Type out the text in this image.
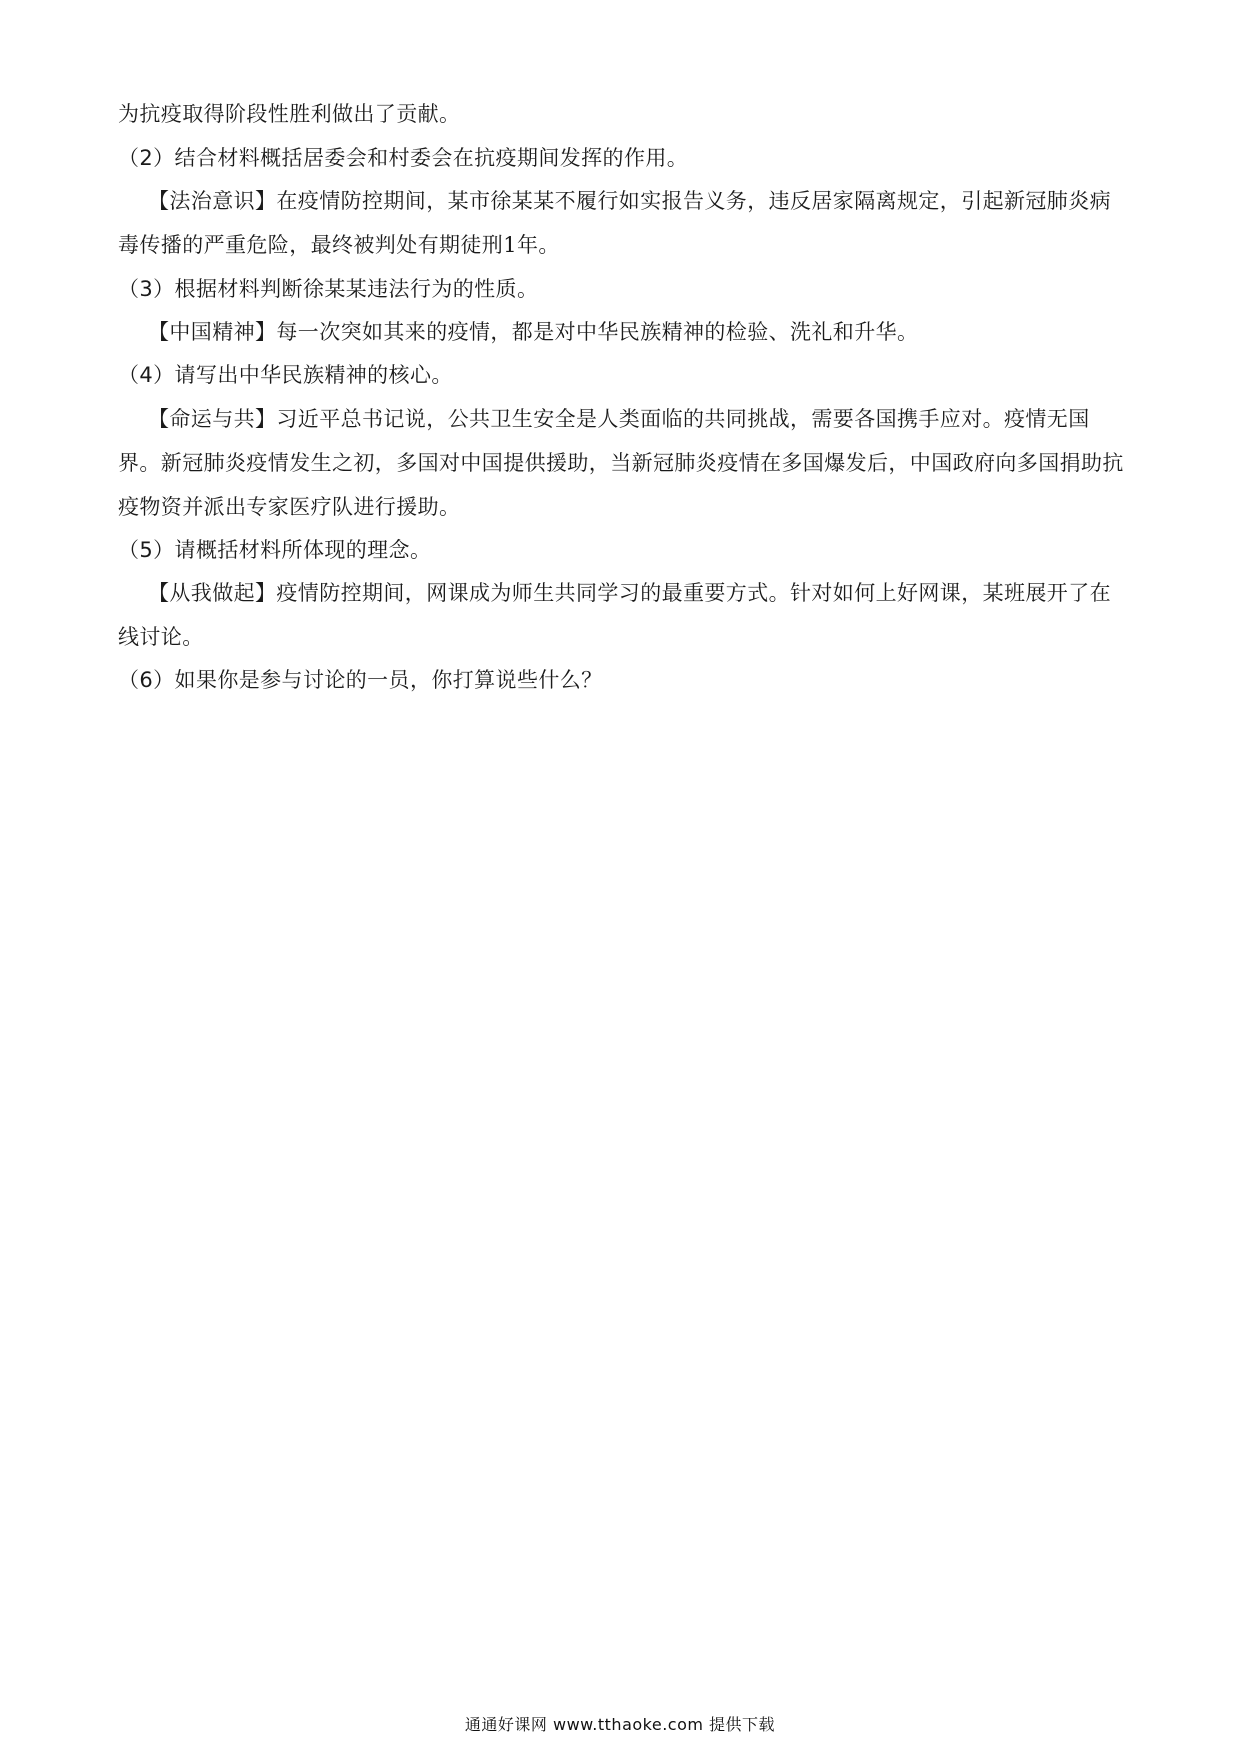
为抗疫取得阶段性胜利做出了贡献。
（2）结合材料概括居委会和村委会在抗疫期间发挥的作用。
【法治意识】在疫情防控期间，某市徐某某不履行如实报告义务，违反居家隔离规定，引起新冠肺炎病毒传播的严重危险，最终被判处有期徒刑1年。
（3）根据材料判断徐某某违法行为的性质。
【中国精神】每一次突如其来的疫情，都是对中华民族精神的检验、洗礼和升华。
（4）请写出中华民族精神的核心。
【命运与共】习近平总书记说，公共卫生安全是人类面临的共同挑战，需要各国携手应对。疫情无国界。新冠肺炎疫情发生之初，多国对中国提供援助，当新冠肺炎疫情在多国爆发后，中国政府向多国捐助抗疫物资并派出专家医疗队进行援助。
（5）请概括材料所体现的理念。
【从我做起】疫情防控期间，网课成为师生共同学习的最重要方式。针对如何上好网课，某班展开了在线讨论。
（6）如果你是参与讨论的一员，你打算说些什么？
通通好课网 www.tthaoke.com 提供下载
